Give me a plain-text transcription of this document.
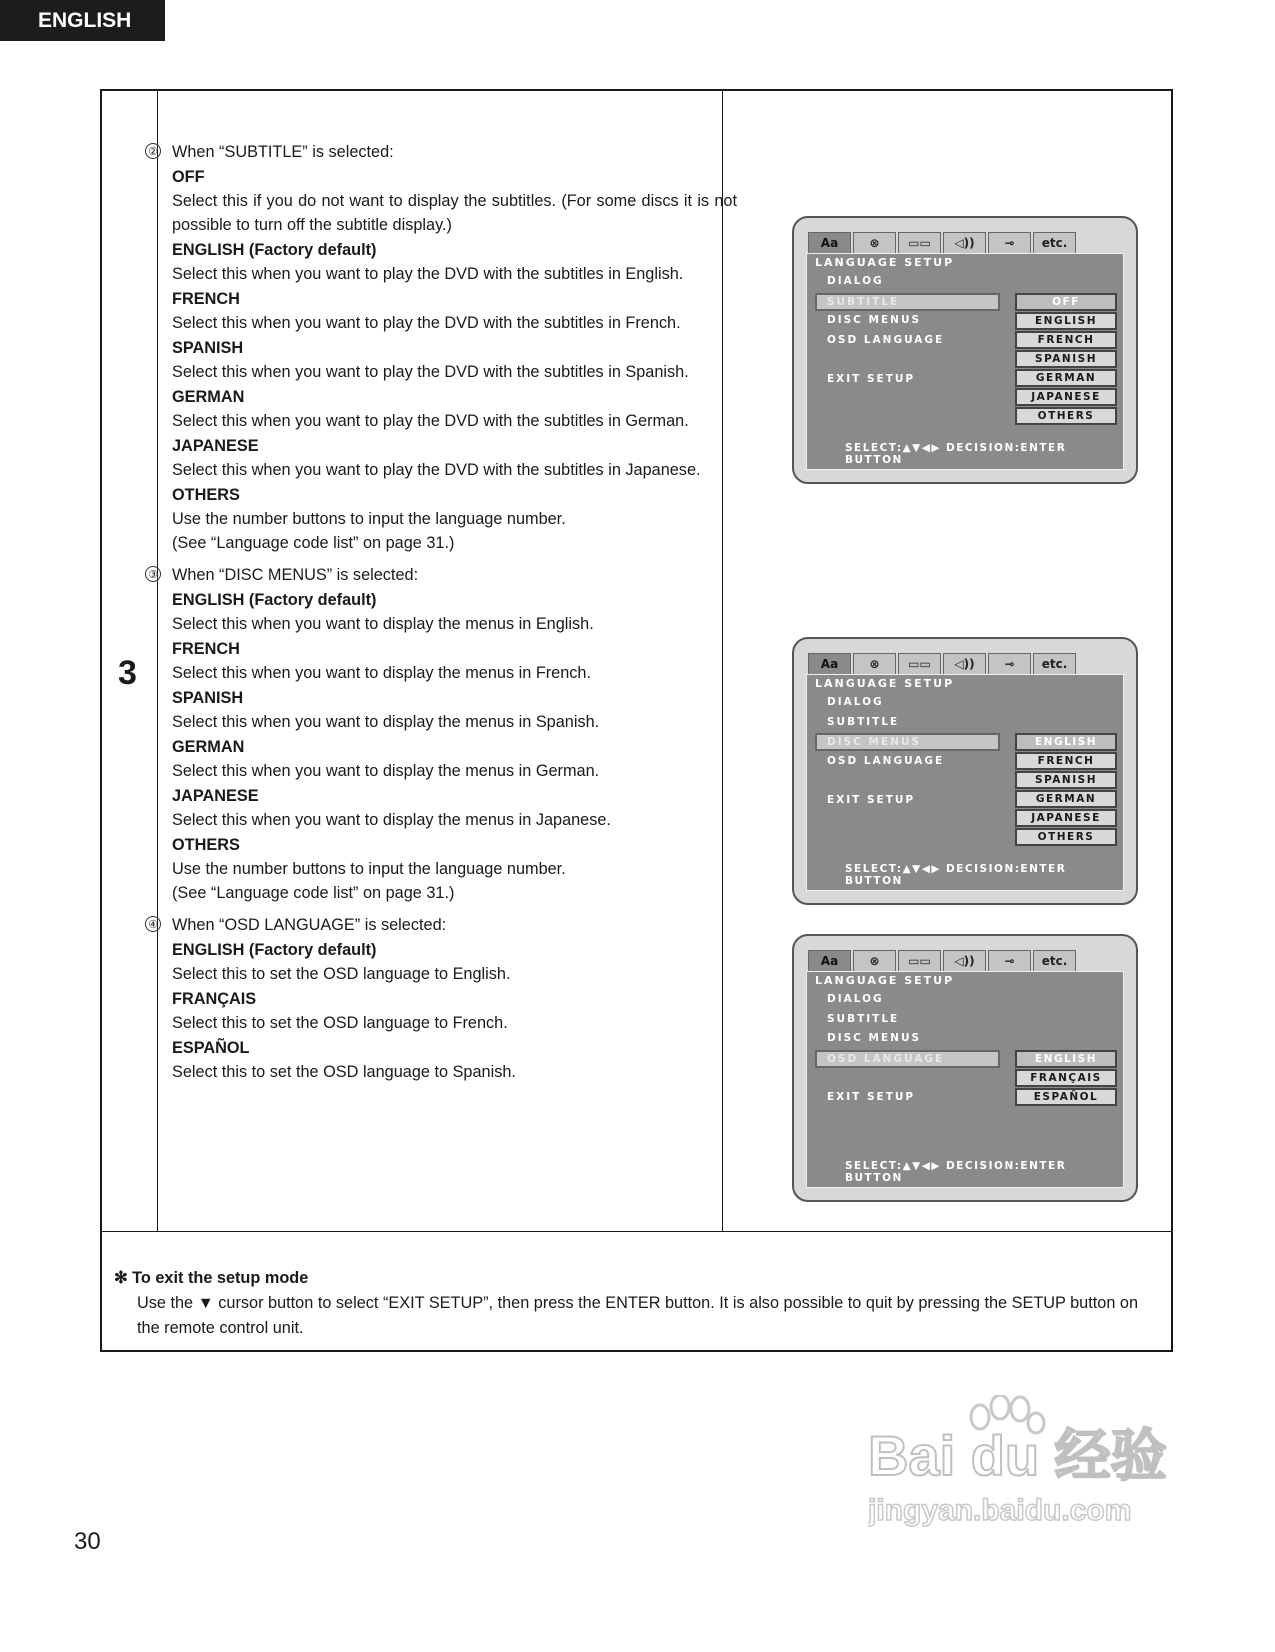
ENGLISH
3
② When “SUBTITLE” is selected:
OFF
Select this if you do not want to display the subtitles. (For some discs it is not possible to turn off the subtitle display.)
ENGLISH (Factory default)
Select this when you want to play the DVD with the subtitles in English.
FRENCH
Select this when you want to play the DVD with the subtitles in French.
SPANISH
Select this when you want to play the DVD with the subtitles in Spanish.
GERMAN
Select this when you want to play the DVD with the subtitles in German.
JAPANESE
Select this when you want to play the DVD with the subtitles in Japanese.
OTHERS
Use the number buttons to input the language number.
(See “Language code list” on page 31.)
③ When “DISC MENUS” is selected:
ENGLISH (Factory default)
Select this when you want to display the menus in English.
FRENCH
Select this when you want to display the menus in French.
SPANISH
Select this when you want to display the menus in Spanish.
GERMAN
Select this when you want to display the menus in German.
JAPANESE
Select this when you want to display the menus in Japanese.
OTHERS
Use the number buttons to input the language number.
(See “Language code list” on page 31.)
④ When “OSD LANGUAGE” is selected:
ENGLISH (Factory default)
Select this to set the OSD language to English.
FRANÇAIS
Select this to set the OSD language to French.
ESPAÑOL
Select this to set the OSD language to Spanish.
✻ To exit the setup mode
Use the ▼ cursor button to select “EXIT SETUP”, then press the ENTER button. It is also possible to quit by pressing the SETUP button on the remote control unit.
Aa	⊗	▭▭	◁))	⊸	etc.
LANGUAGE SETUP
DIALOG
SUBTITLE
DISC MENUS
OSD LANGUAGE
EXIT SETUP
OFF
ENGLISH
FRENCH
SPANISH
GERMAN
JAPANESE
OTHERS
SELECT:▲▼◀▶ DECISION:ENTER BUTTON
Aa	⊗	▭▭	◁))	⊸	etc.
LANGUAGE SETUP
DIALOG
SUBTITLE
DISC MENUS
OSD LANGUAGE
EXIT SETUP
ENGLISH
FRENCH
SPANISH
GERMAN
JAPANESE
OTHERS
SELECT:▲▼◀▶ DECISION:ENTER BUTTON
Aa	⊗	▭▭	◁))	⊸	etc.
LANGUAGE SETUP
DIALOG
SUBTITLE
DISC MENUS
OSD LANGUAGE
EXIT SETUP
ENGLISH
FRANÇAIS
ESPAÑOL
SELECT:▲▼◀▶ DECISION:ENTER BUTTON
30
Bai du 经验
jingyan.baidu.com
